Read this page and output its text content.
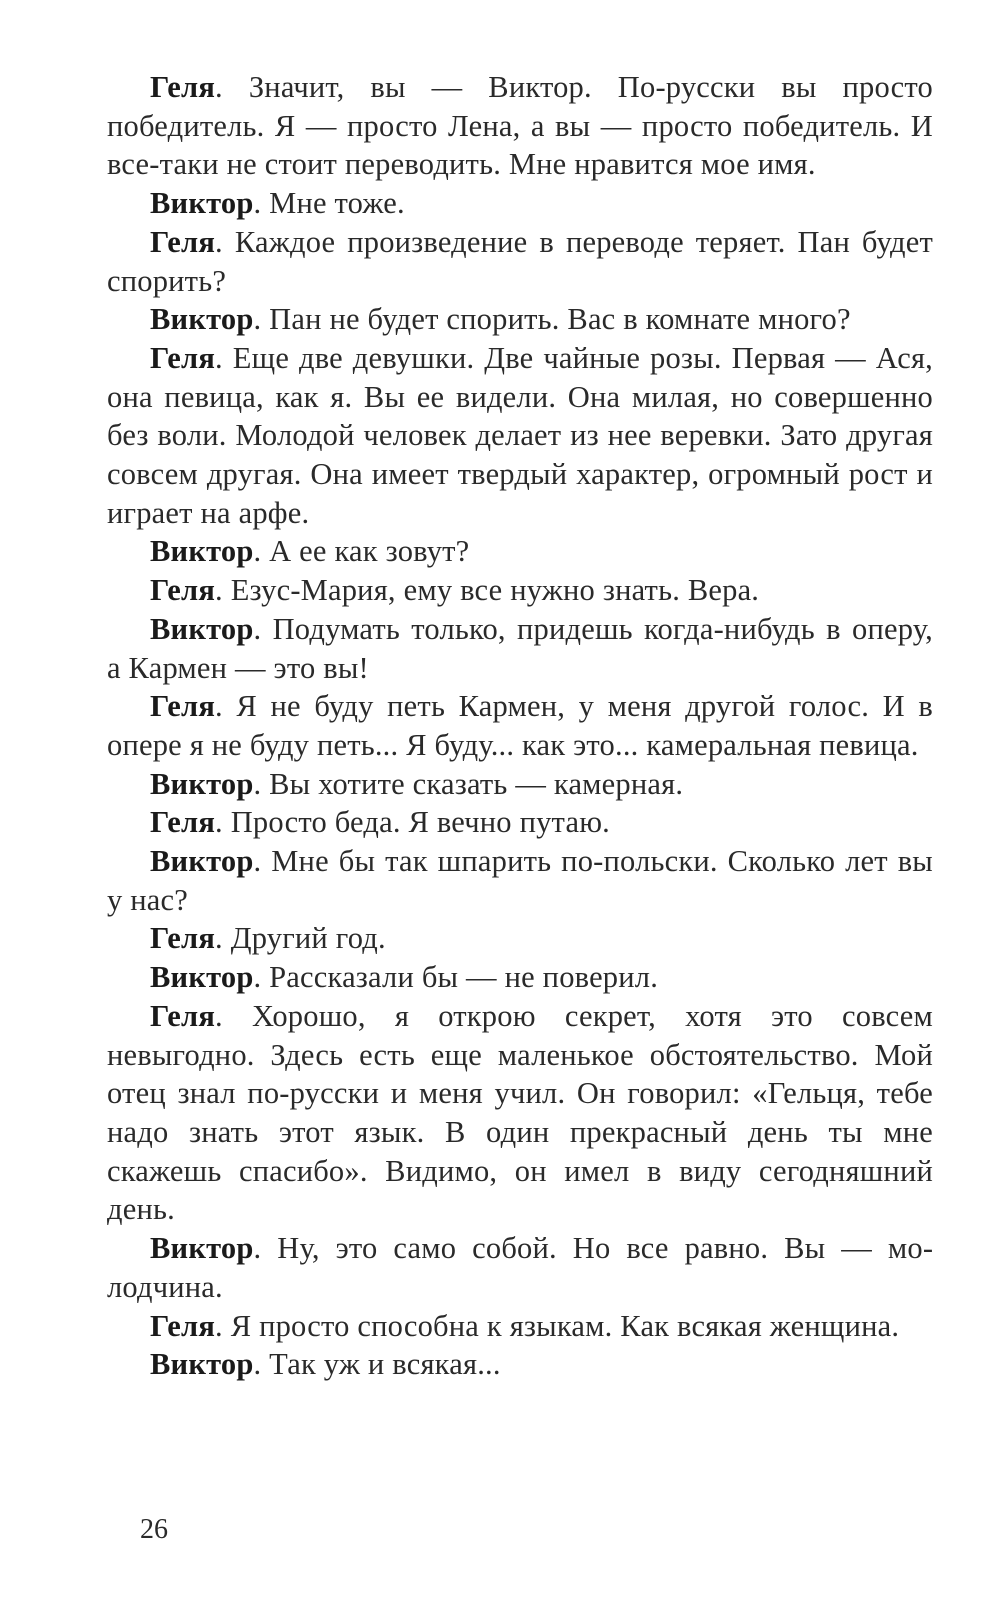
Геля. Значит, вы — Виктор. По-русски вы просто победитель. Я — просто Лена, а вы — просто победитель. И все-таки не стоит переводить. Мне нравится мое имя.

Виктор. Мне тоже.

Геля. Каждое произведение в переводе теряет. Пан будет спорить?

Виктор. Пан не будет спорить. Вас в комнате много?

Геля. Еще две девушки. Две чайные розы. Первая — Ася, она певица, как я. Вы ее видели. Она милая, но совершенно без воли. Молодой человек делает из нее веревки. Зато другая совсем другая. Она имеет твердый характер, огромный рост и играет на арфе.

Виктор. А ее как зовут?

Геля. Езус-Мария, ему все нужно знать. Вера.

Виктор. Подумать только, придешь когда-нибудь в оперу, а Кармен — это вы!

Геля. Я не буду петь Кармен, у меня другой голос. И в опере я не буду петь... Я буду... как это... камеральная певица.

Виктор. Вы хотите сказать — камерная.

Геля. Просто беда. Я вечно путаю.

Виктор. Мне бы так шпарить по-польски. Сколько лет вы у нас?

Геля. Другий год.

Виктор. Рассказали бы — не поверил.

Геля. Хорошо, я открою секрет, хотя это совсем невыгодно. Здесь есть еще маленькое обстоятельство. Мой отец знал по-русски и меня учил. Он говорил: «Гельця, тебе надо знать этот язык. В один прекрасный день ты мне скажешь спасибо». Видимо, он имел в виду сегодняшний день.

Виктор. Ну, это само собой. Но все равно. Вы — молодчина.

Геля. Я просто способна к языкам. Как всякая женщина.

Виктор. Так уж и всякая...

26
